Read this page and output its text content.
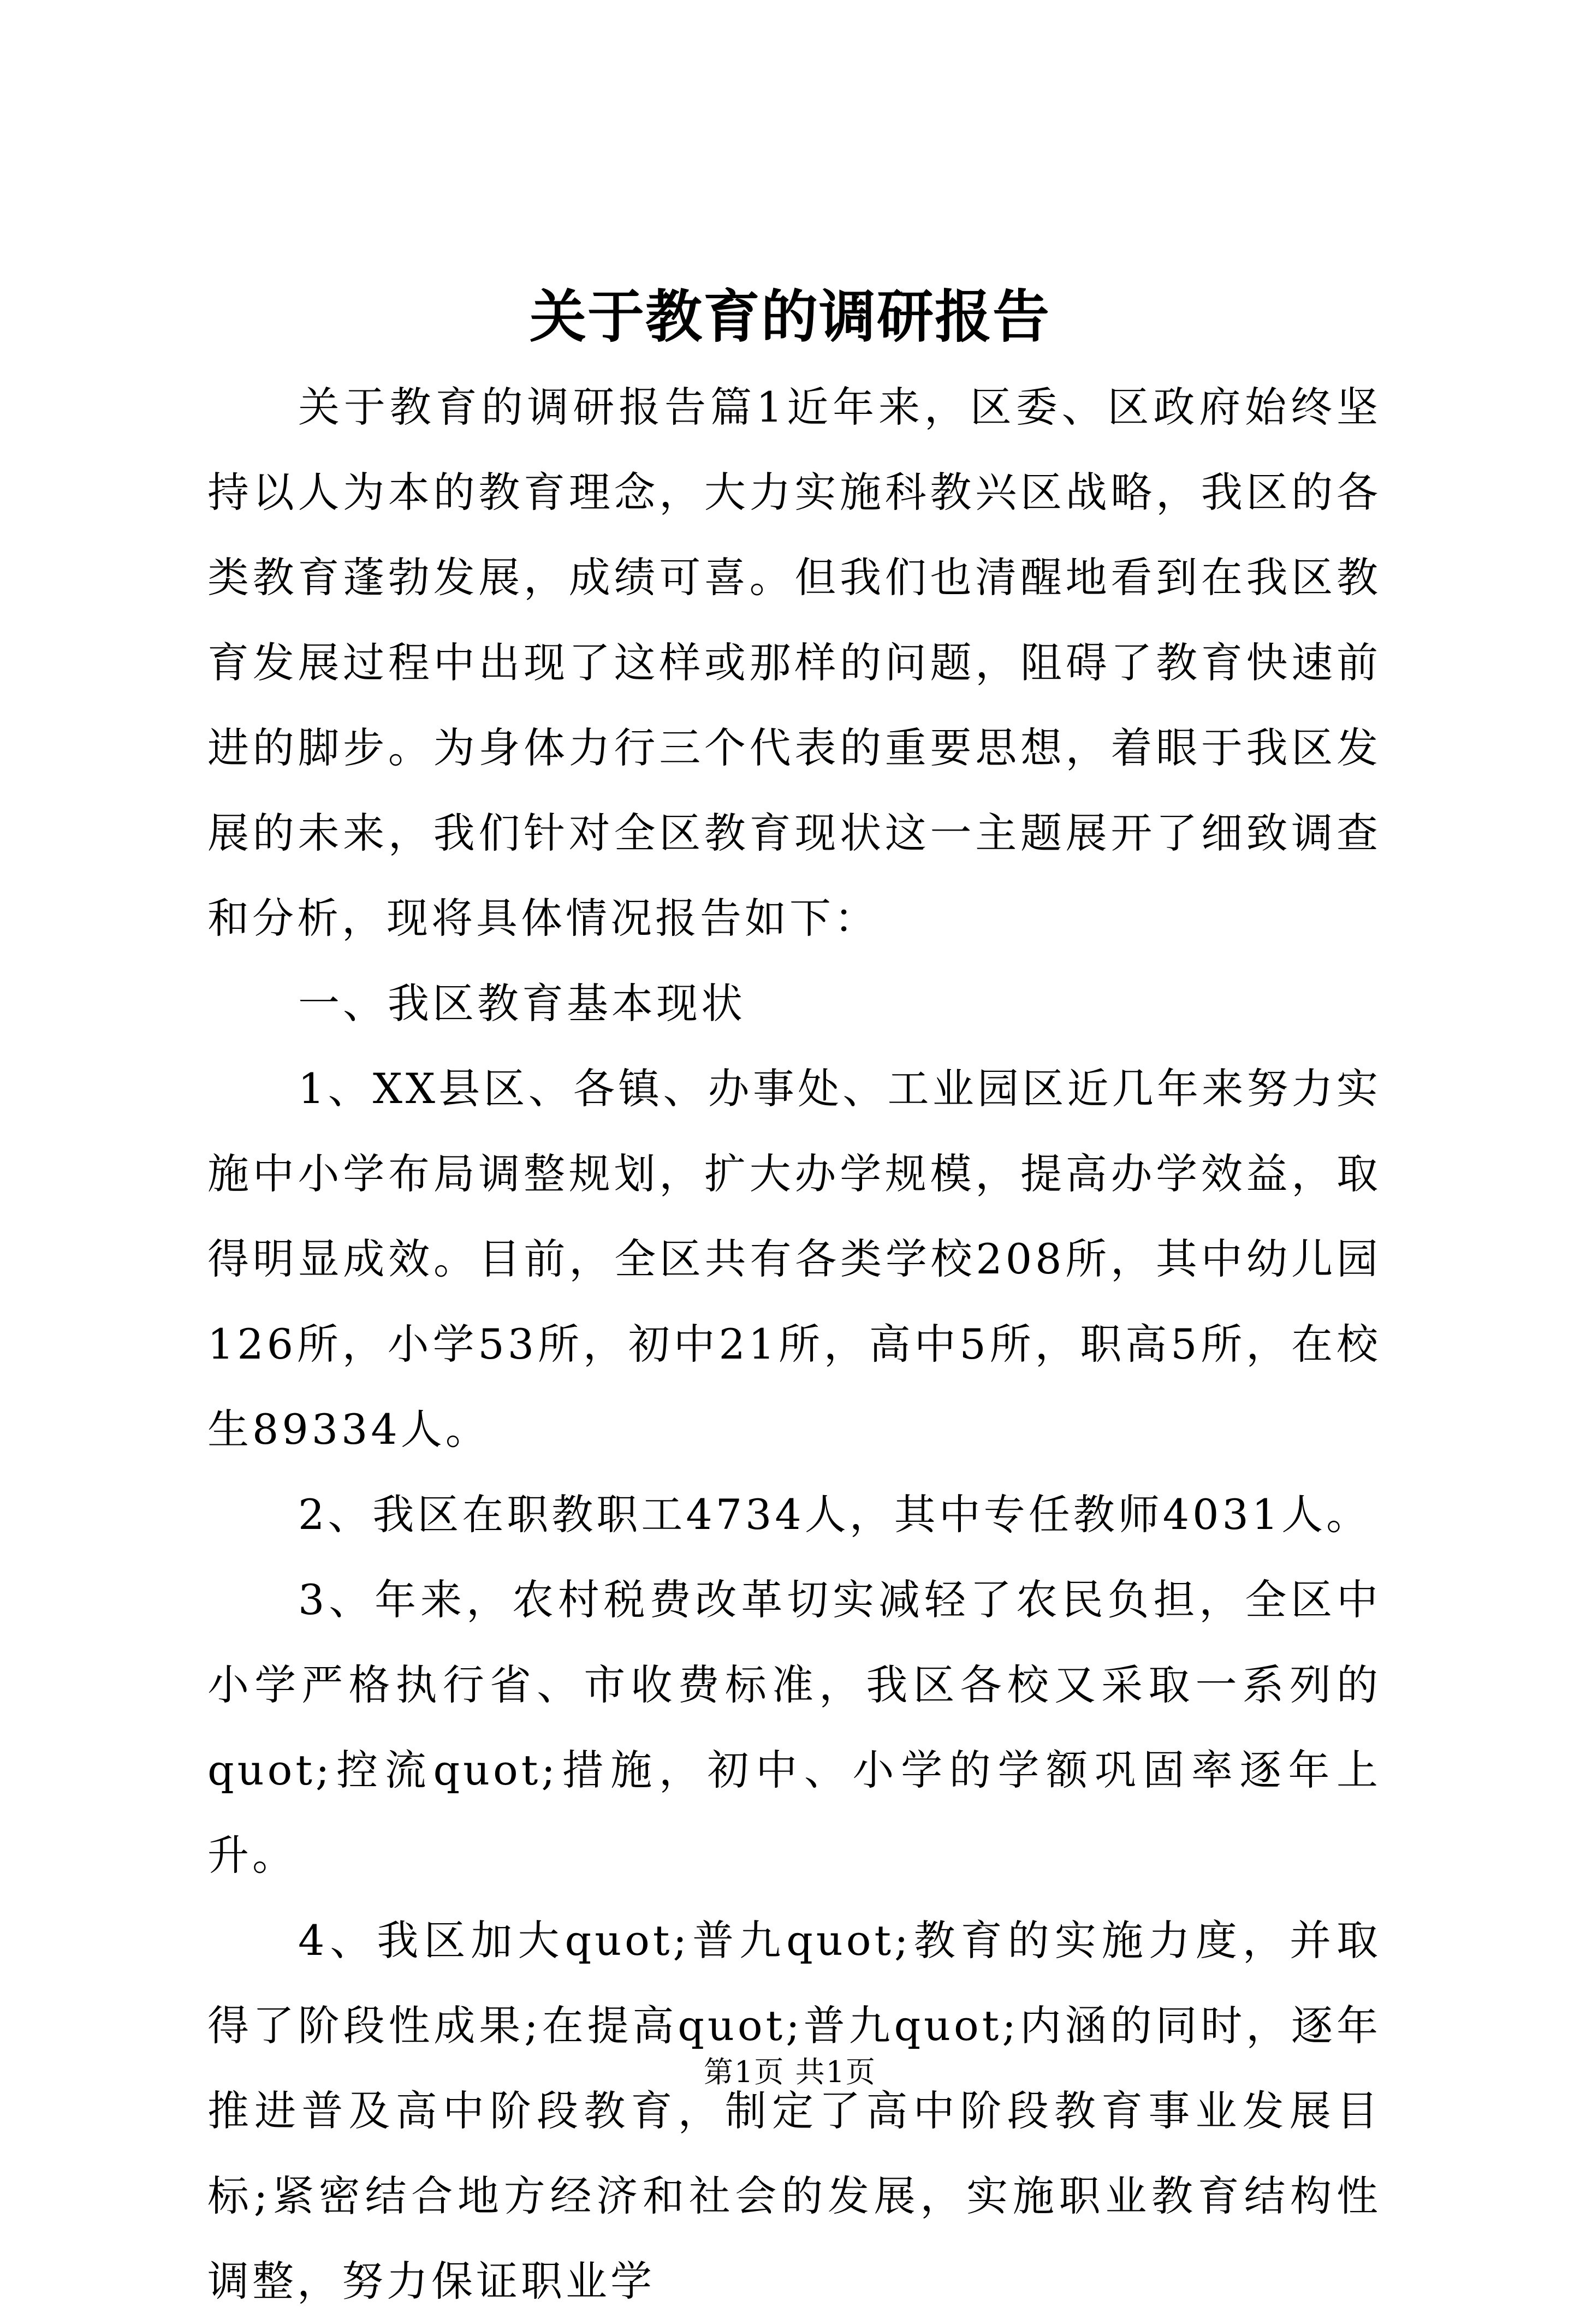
关于教育的调研报告

关于教育的调研报告篇1近年来，区委、区政府始终坚持以人为本的教育理念，大力实施科教兴区战略，我区的各类教育蓬勃发展，成绩可喜。但我们也清醒地看到在我区教育发展过程中出现了这样或那样的问题，阻碍了教育快速前进的脚步。为身体力行三个代表的重要思想，着眼于我区发展的未来，我们针对全区教育现状这一主题展开了细致调查和分析，现将具体情况报告如下：

一、我区教育基本现状

1、XX县区、各镇、办事处、工业园区近几年来努力实施中小学布局调整规划，扩大办学规模，提高办学效益，取得明显成效。目前，全区共有各类学校208所，其中幼儿园126所，小学53所，初中21所，高中5所，职高5所，在校生89334人。

2、我区在职教职工4734人，其中专任教师4031人。

3、年来，农村税费改革切实减轻了农民负担，全区中小学严格执行省、市收费标准，我区各校又采取一系列的quot;控流quot;措施，初中、小学的学额巩固率逐年上升。

4、我区加大quot;普九quot;教育的实施力度，并取得了阶段性成果;在提高quot;普九quot;内涵的同时，逐年推进普及高中阶段教育，制定了高中阶段教育事业发展目标;紧密结合地方经济和社会的发展，实施职业教育结构性调整，努力保证职业学

第1页 共1页
